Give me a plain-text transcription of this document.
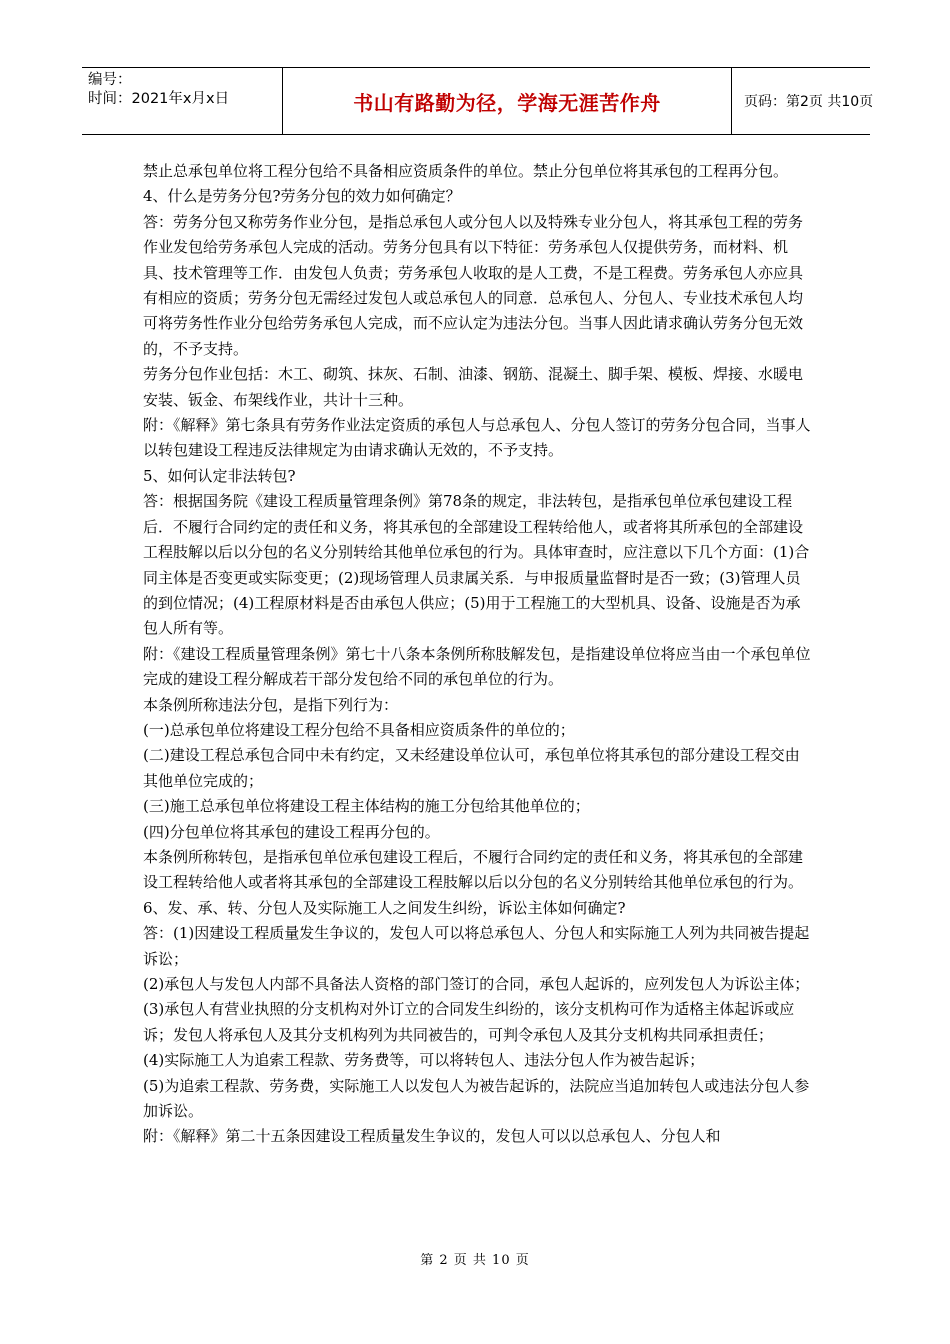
编号：
时间：2021年x月x日	书山有路勤为径，学海无涯苦作舟	页码：第2页 共10页

禁止总承包单位将工程分包给不具备相应资质条件的单位。禁止分包单位将其承包的工程再分包。

4、什么是劳务分包?劳务分包的效力如何确定？

答：劳务分包又称劳务作业分包，是指总承包人或分包人以及特殊专业分包人，将其承包工程的劳务作业发包给劳务承包人完成的活动。劳务分包具有以下特征：劳务承包人仅提供劳务，而材料、机具、技术管理等工作．由发包人负责；劳务承包人收取的是人工费，不是工程费。劳务承包人亦应具有相应的资质；劳务分包无需经过发包人或总承包人的同意．总承包人、分包人、专业技术承包人均可将劳务性作业分包给劳务承包人完成，而不应认定为违法分包。当事人因此请求确认劳务分包无效的，不予支持。

劳务分包作业包括：木工、砌筑、抹灰、石制、油漆、钢筋、混凝土、脚手架、模板、焊接、水暖电安装、钣金、布架线作业，共计十三种。

附：《解释》第七条具有劳务作业法定资质的承包人与总承包人、分包人签订的劳务分包合同，当事人以转包建设工程违反法律规定为由请求确认无效的，不予支持。

5、如何认定非法转包?

答：根据国务院《建设工程质量管理条例》第78条的规定，非法转包，是指承包单位承包建设工程后．不履行合同约定的责任和义务，将其承包的全部建设工程转给他人，或者将其所承包的全部建设工程肢解以后以分包的名义分别转给其他单位承包的行为。具体审查时，应注意以下几个方面：(1)合同主体是否变更或实际变更；(2)现场管理人员隶属关系．与申报质量监督时是否一致；(3)管理人员的到位情况；(4)工程原材料是否由承包人供应；(5)用于工程施工的大型机具、设备、设施是否为承包人所有等。

附：《建设工程质量管理条例》第七十八条本条例所称肢解发包，是指建设单位将应当由一个承包单位完成的建设工程分解成若干部分发包给不同的承包单位的行为。

本条例所称违法分包，是指下列行为：

(一)总承包单位将建设工程分包给不具备相应资质条件的单位的；

(二)建设工程总承包合同中未有约定，又未经建设单位认可，承包单位将其承包的部分建设工程交由其他单位完成的；

(三)施工总承包单位将建设工程主体结构的施工分包给其他单位的；

(四)分包单位将其承包的建设工程再分包的。

本条例所称转包，是指承包单位承包建设工程后，不履行合同约定的责任和义务，将其承包的全部建设工程转给他人或者将其承包的全部建设工程肢解以后以分包的名义分别转给其他单位承包的行为。

6、发、承、转、分包人及实际施工人之间发生纠纷，诉讼主体如何确定?

答：(1)因建设工程质量发生争议的，发包人可以将总承包人、分包人和实际施工人列为共同被告提起诉讼；

(2)承包人与发包人内部不具备法人资格的部门签订的合同，承包人起诉的，应列发包人为诉讼主体；

(3)承包人有营业执照的分支机构对外订立的合同发生纠纷的，该分支机构可作为适格主体起诉或应诉；发包人将承包人及其分支机构列为共同被告的，可判令承包人及其分支机构共同承担责任；

(4)实际施工人为追索工程款、劳务费等，可以将转包人、违法分包人作为被告起诉；

(5)为追索工程款、劳务费，实际施工人以发包人为被告起诉的，法院应当追加转包人或违法分包人参加诉讼。

附：《解释》第二十五条因建设工程质量发生争议的，发包人可以以总承包人、分包人和

第 2 页 共 10 页
